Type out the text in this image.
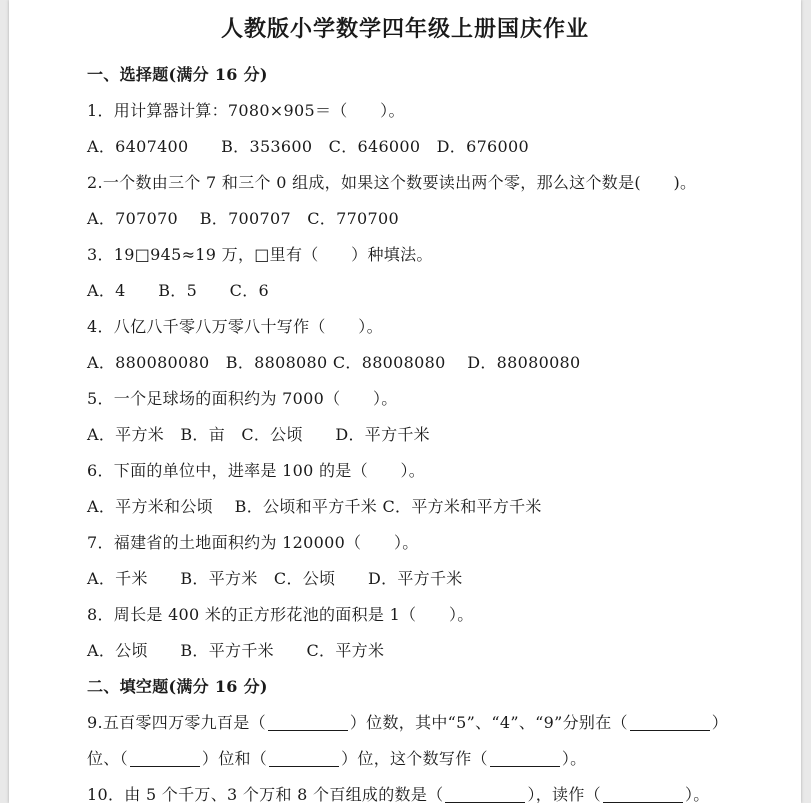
人教版小学数学四年级上册国庆作业
一、选择题(满分 16 分)
1．用计算器计算：7080×905＝（　　）。
A．6407400　　B．353600　C．646000　D．676000
2.一个数由三个 7 和三个 0 组成，如果这个数要读出两个零，那么这个数是(　　)。
A．707070　 B．700707　C．770700
3．19□945≈19 万，□里有（　　）种填法。
A．4　　B．5　　C．6
4．八亿八千零八万零八十写作（　　）。
A．880080080　B．8808080 C．88008080　 D．88080080
5．一个足球场的面积约为 7000（　　）。
A．平方米　B．亩　C．公顷　　D．平方千米
6．下面的单位中，进率是 100 的是（　　）。
A．平方米和公顷　 B．公顷和平方千米 C．平方米和平方千米
7．福建省的土地面积约为 120000（　　）。
A．千米　　B．平方米　C．公顷　　D．平方千米
8．周长是 400 米的正方形花池的面积是 1（　　）。
A．公顷　　B．平方千米　　C．平方米
二、填空题(满分 16 分)
9.五百零四万零九百是（	）位数，其中“5”、“4”、“9”分别在（	）
位、（	）位和（	）位，这个数写作（	）。
10．由 5 个千万、3 个万和 8 个百组成的数是（	），读作（	）。
